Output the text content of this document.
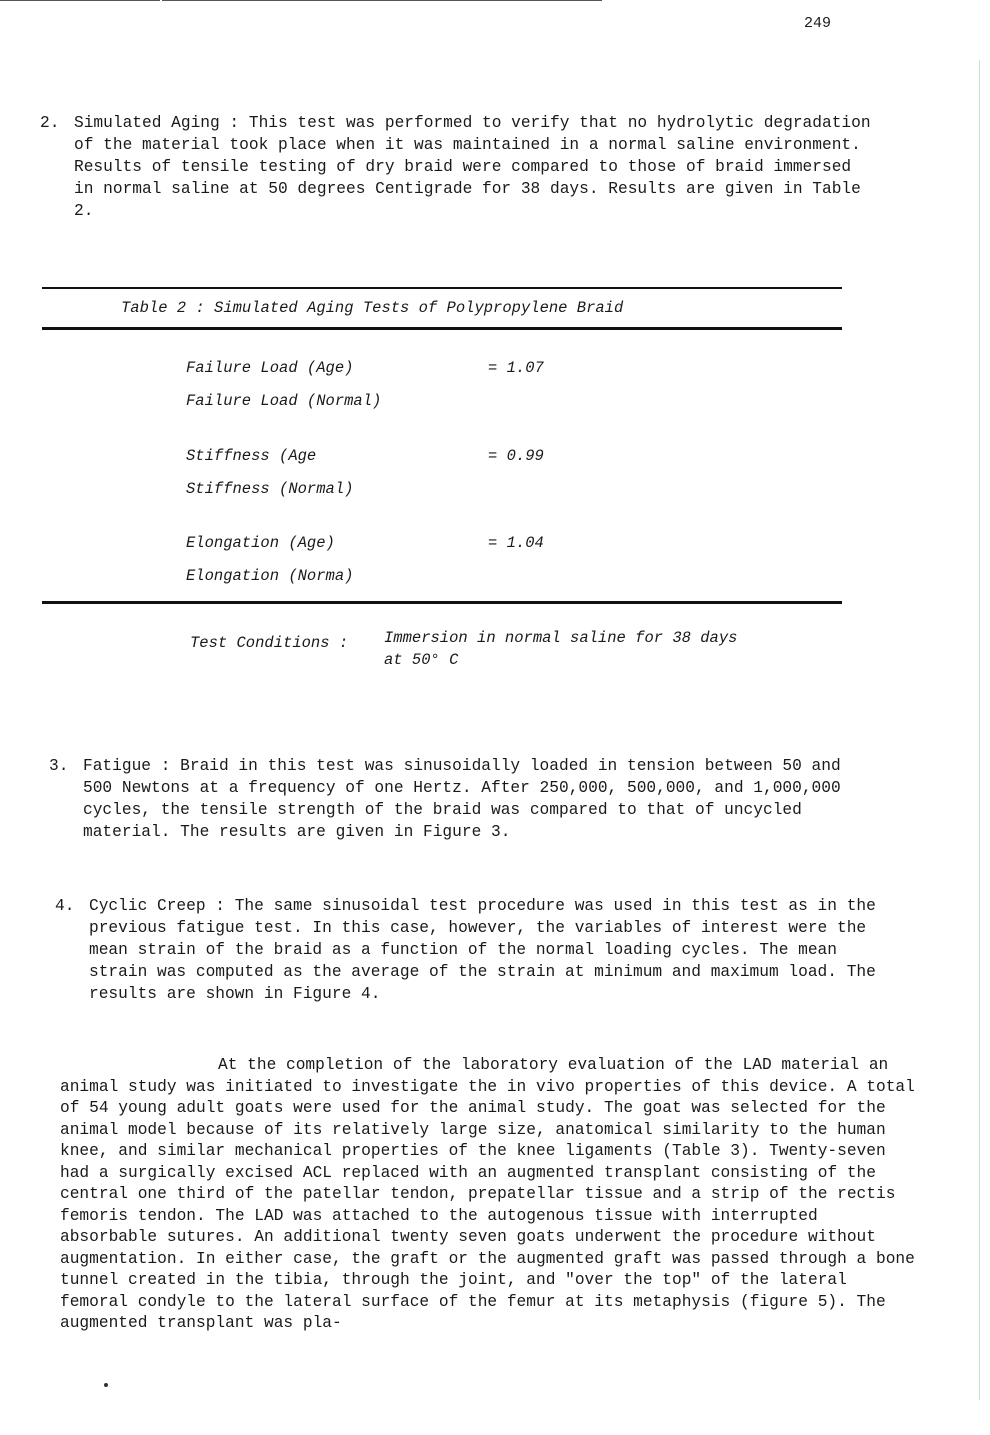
249
2. Simulated Aging : This test was performed to verify that no hydrolytic degradation of the material took place when it was maintained in a normal saline environment. Results of tensile testing of dry braid were compared to those of braid immersed in normal saline at 50 degrees Centigrade for 38 days. Results are given in Table 2.
Table 2 : Simulated Aging Tests of Polypropylene Braid
Failure Load (Age)	= 1.07
Failure Load (Normal)
Stiffness (Age	= 0.99
Stiffness (Normal)
Elongation (Age)	= 1.04
Elongation (Norma)
Test Conditions : Immersion in normal saline for 38 days at 50° C
3. Fatigue : Braid in this test was sinusoidally loaded in tension between 50 and 500 Newtons at a frequency of one Hertz. After 250,000, 500,000, and 1,000,000 cycles, the tensile strength of the braid was compared to that of uncycled material. The results are given in Figure 3.
4. Cyclic Creep : The same sinusoidal test procedure was used in this test as in the previous fatigue test. In this case, however, the variables of interest were the mean strain of the braid as a function of the normal loading cycles. The mean strain was computed as the average of the strain at minimum and maximum load. The results are shown in Figure 4.
At the completion of the laboratory evaluation of the LAD material an animal study was initiated to investigate the in vivo properties of this device. A total of 54 young adult goats were used for the animal study. The goat was selected for the animal model because of its relatively large size, anatomical similarity to the human knee, and similar mechanical properties of the knee ligaments (Table 3). Twenty-seven had a surgically excised ACL replaced with an augmented transplant consisting of the central one third of the patellar tendon, prepatellar tissue and a strip of the rectis femoris tendon. The LAD was attached to the autogenous tissue with interrupted absorbable sutures. An additional twenty seven goats underwent the procedure without augmentation. In either case, the graft or the augmented graft was passed through a bone tunnel created in the tibia, through the joint, and "over the top" of the lateral femoral condyle to the lateral surface of the femur at its metaphysis (figure 5). The augmented transplant was pla-
